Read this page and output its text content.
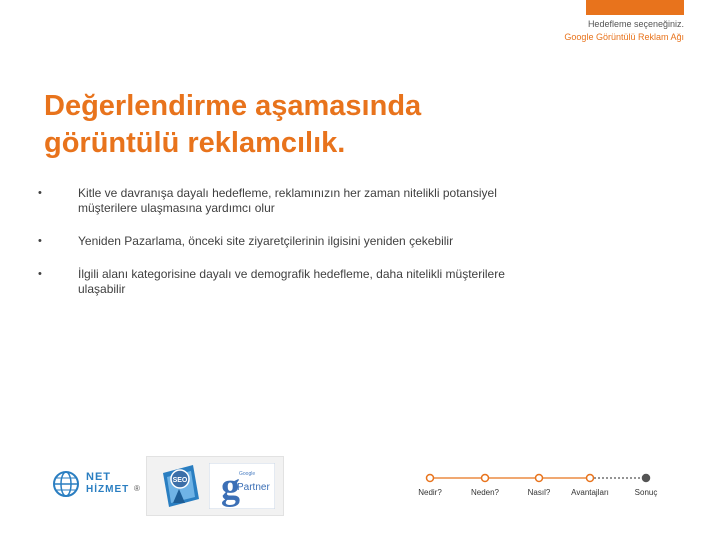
Hedefleme seçeneğiniz.
Google Görüntülü Reklam Ağı
Değerlendirme aşamasında görüntülü reklamcılık.
•	Kitle ve davranışa dayalı hedefleme, reklamınızın her zaman nitelikli potansiyel müşterilere ulaşmasına yardımcı olur
•	Yeniden Pazarlama, önceki site ziyaretçilerinin ilgisini yeniden çekebilir
•	İlgili alanı kategorisine dayalı ve demografik hedefleme, daha nitelikli müşterilere ulaşabilir
NET
HİZMET ®
SEO g Google
Partner	Nedir?	Neden?	Nasıl?	Avantajları	Sonuç
